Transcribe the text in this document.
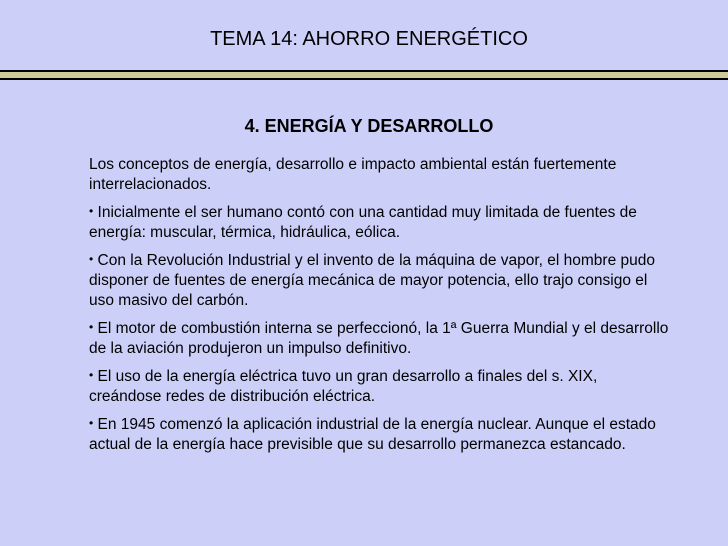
TEMA 14: AHORRO ENERGÉTICO
4. ENERGÍA Y DESARROLLO

Los conceptos de energía, desarrollo e impacto ambiental están fuertemente interrelacionados.

• Inicialmente el ser humano contó con una cantidad muy limitada de fuentes de energía: muscular, térmica, hidráulica, eólica.

• Con la Revolución Industrial y el invento de la máquina de vapor, el hombre pudo disponer de fuentes de energía mecánica de mayor potencia, ello trajo consigo el uso masivo del carbón.

• El motor de combustión interna se perfeccionó, la 1ª Guerra Mundial y el desarrollo de la aviación produjeron un impulso definitivo.

• El uso de la energía eléctrica tuvo un gran desarrollo a finales del s. XIX, creándose redes de distribución eléctrica.

• En 1945 comenzó la aplicación industrial de la energía nuclear. Aunque el estado actual de la energía hace previsible que su desarrollo permanezca estancado.
